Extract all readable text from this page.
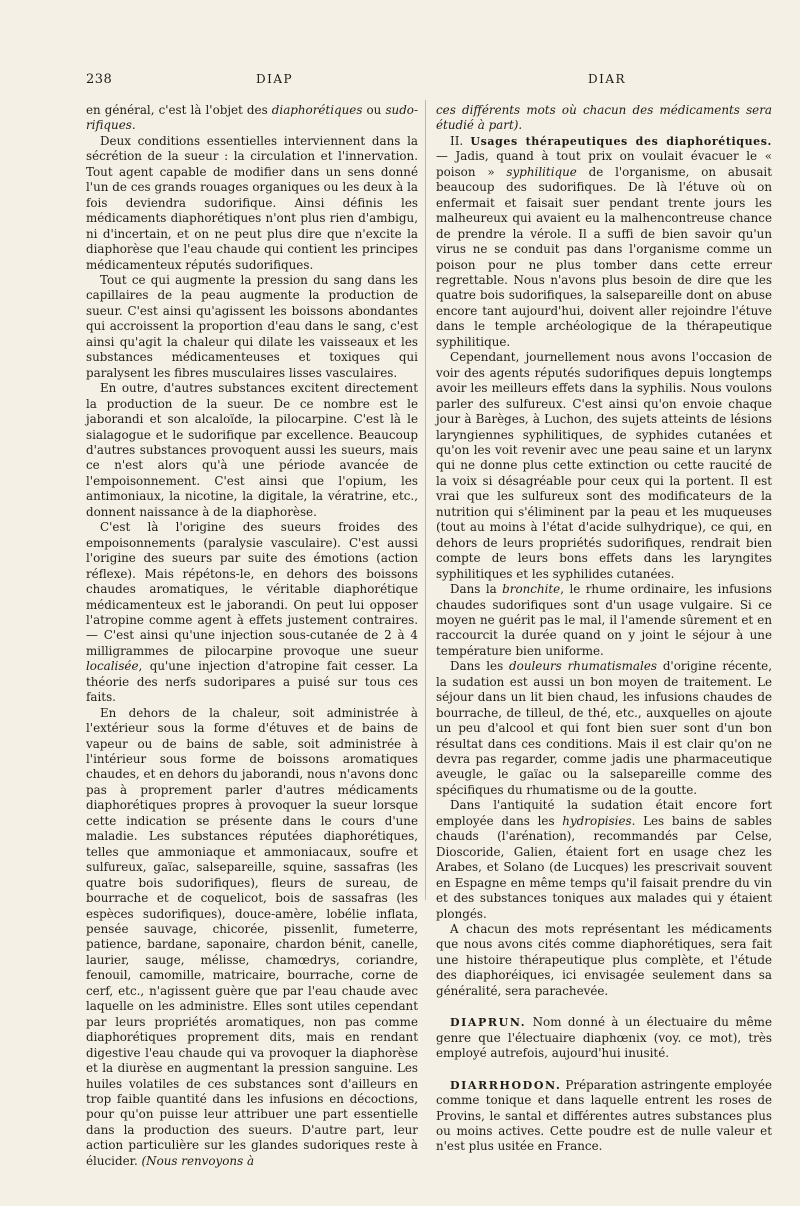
238	DIAP	DIAR

en général, c'est là l'objet des diaphorétiques ou sudo-rifiques.

Deux conditions essentielles interviennent dans la sécrétion de la sueur : la circulation et l'innervation. Tout agent capable de modifier dans un sens donné l'un de ces grands rouages organiques ou les deux à la fois deviendra sudorifique. Ainsi définis les médicaments diaphorétiques n'ont plus rien d'ambigu, ni d'incertain, et on ne peut plus dire que n'excite la diaphorèse que l'eau chaude qui contient les principes médicamenteux réputés sudorifiques.

Tout ce qui augmente la pression du sang dans les capillaires de la peau augmente la production de sueur. C'est ainsi qu'agissent les boissons abondantes qui accroissent la proportion d'eau dans le sang, c'est ainsi qu'agit la chaleur qui dilate les vaisseaux et les substances médicamenteuses et toxiques qui paralysent les fibres musculaires lisses vasculaires.

En outre, d'autres substances excitent directement la production de la sueur. De ce nombre est le jaborandi et son alcaloïde, la pilocarpine. C'est là le sialagogue et le sudorifique par excellence. Beaucoup d'autres substances provoquent aussi les sueurs, mais ce n'est alors qu'à une période avancée de l'empoisonnement. C'est ainsi que l'opium, les antimoniaux, la nicotine, la digitale, la vératrine, etc., donnent naissance à de la diaphorèse.

C'est là l'origine des sueurs froides des empoisonnements (paralysie vasculaire). C'est aussi l'origine des sueurs par suite des émotions (action réflexe). Mais répétons-le, en dehors des boissons chaudes aromatiques, le véritable diaphorétique médicamenteux est le jaborandi. On peut lui opposer l'atropine comme agent à effets justement contraires. — C'est ainsi qu'une injection sous-cutanée de 2 à 4 milligrammes de pilocarpine provoque une sueur localisée, qu'une injection d'atropine fait cesser. La théorie des nerfs sudoripares a puisé sur tous ces faits.

En dehors de la chaleur, soit administrée à l'extérieur sous la forme d'étuves et de bains de vapeur ou de bains de sable, soit administrée à l'intérieur sous forme de boissons aromatiques chaudes, et en dehors du jaborandi, nous n'avons donc pas à proprement parler d'autres médicaments diaphorétiques propres à provoquer la sueur lorsque cette indication se présente dans le cours d'une maladie. Les substances réputées diaphorétiques, telles que ammoniaque et ammoniacaux, soufre et sulfureux, gaïac, salsepareille, squine, sassafras (les quatre bois sudorifiques), fleurs de sureau, de bourrache et de coquelicot, bois de sassafras (les espèces sudorifiques), douce-amère, lobélie inflata, pensée sauvage, chicorée, pissenlit, fumeterre, patience, bardane, saponaire, chardon bénit, canelle, laurier, sauge, mélisse, chamœdrys, coriandre, fenouil, camomille, matricaire, bourrache, corne de cerf, etc., n'agissent guère que par l'eau chaude avec laquelle on les administre. Elles sont utiles cependant par leurs propriétés aromatiques, non pas comme diaphorétiques proprement dits, mais en rendant digestive l'eau chaude qui va provoquer la diaphorèse et la diurèse en augmentant la pression sanguine. Les huiles volatiles de ces substances sont d'ailleurs en trop faible quantité dans les infusions en décoctions, pour qu'on puisse leur attribuer une part essentielle dans la production des sueurs. D'autre part, leur action particulière sur les glandes sudoriques reste à élucider. (Nous renvoyons à

ces différents mots où chacun des médicaments sera étudié à part).

II. Usages thérapeutiques des diaphorétiques. — Jadis, quand à tout prix on voulait évacuer le « poison » syphilitique de l'organisme, on abusait beaucoup des sudorifiques. De là l'étuve où on enfermait et faisait suer pendant trente jours les malheureux qui avaient eu la malhencontreuse chance de prendre la vérole. Il a suffi de bien savoir qu'un virus ne se conduit pas dans l'organisme comme un poison pour ne plus tomber dans cette erreur regrettable. Nous n'avons plus besoin de dire que les quatre bois sudorifiques, la salsepareille dont on abuse encore tant aujourd'hui, doivent aller rejoindre l'étuve dans le temple archéologique de la thérapeutique syphilitique.

Cependant, journellement nous avons l'occasion de voir des agents réputés sudorifiques depuis longtemps avoir les meilleurs effets dans la syphilis. Nous voulons parler des sulfureux. C'est ainsi qu'on envoie chaque jour à Barèges, à Luchon, des sujets atteints de lésions laryngiennes syphilitiques, de syphides cutanées et qu'on les voit revenir avec une peau saine et un larynx qui ne donne plus cette extinction ou cette raucité de la voix si désagréable pour ceux qui la portent. Il est vrai que les sulfureux sont des modificateurs de la nutrition qui s'éliminent par la peau et les muqueuses (tout au moins à l'état d'acide sulhydrique), ce qui, en dehors de leurs propriétés sudorifiques, rendrait bien compte de leurs bons effets dans les laryngites syphilitiques et les syphilides cutanées.

Dans la bronchite, le rhume ordinaire, les infusions chaudes sudorifiques sont d'un usage vulgaire. Si ce moyen ne guérit pas le mal, il l'amende sûrement et en raccourcit la durée quand on y joint le séjour à une température bien uniforme.

Dans les douleurs rhumatismales d'origine récente, la sudation est aussi un bon moyen de traitement. Le séjour dans un lit bien chaud, les infusions chaudes de bourrache, de tilleul, de thé, etc., auxquelles on ajoute un peu d'alcool et qui font bien suer sont d'un bon résultat dans ces conditions. Mais il est clair qu'on ne devra pas regarder, comme jadis une pharmaceutique aveugle, le gaïac ou la salsepareille comme des spécifiques du rhumatisme ou de la goutte.

Dans l'antiquité la sudation était encore fort employée dans les hydropisies. Les bains de sables chauds (l'arénation), recommandés par Celse, Dioscoride, Galien, étaient fort en usage chez les Arabes, et Solano (de Lucques) les prescrivait souvent en Espagne en même temps qu'il faisait prendre du vin et des substances toniques aux malades qui y étaient plongés.

A chacun des mots représentant les médicaments que nous avons cités comme diaphorétiques, sera fait une histoire thérapeutique plus complète, et l'étude des diaphoréiques, ici envisagée seulement dans sa généralité, sera parachevée.

DIAPRUN. Nom donné à un électuaire du même genre que l'électuaire diaphœnix (voy. ce mot), très employé autrefois, aujourd'hui inusité.

DIARRHODON. Préparation astringente employée comme tonique et dans laquelle entrent les roses de Provins, le santal et différentes autres substances plus ou moins actives. Cette poudre est de nulle valeur et n'est plus usitée en France.
